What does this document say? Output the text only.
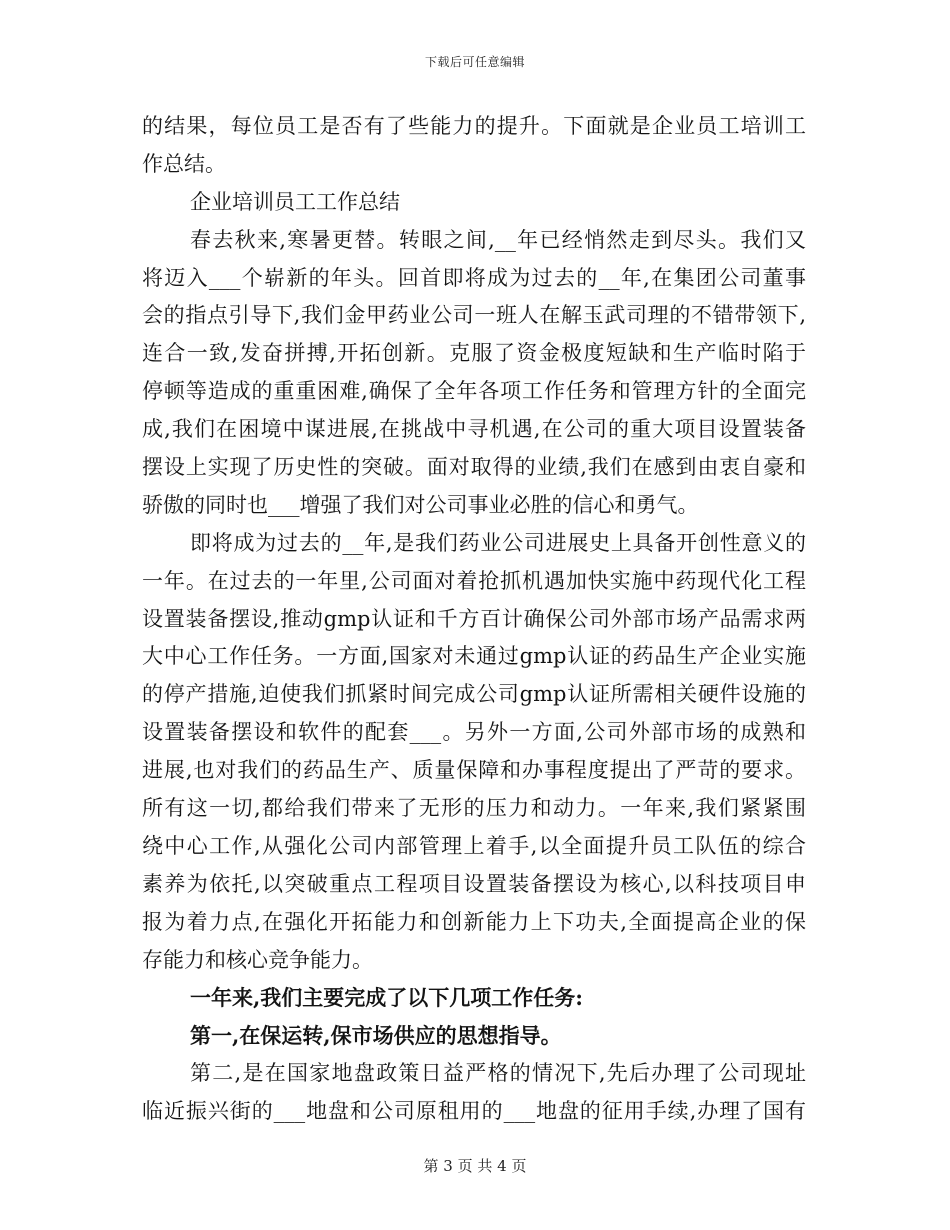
下载后可任意编辑
的结果，每位员工是否有了些能力的提升。下面就是企业员工培训工
作总结。
企业培训员工工作总结
春去秋来,寒暑更替。转眼之间,__年已经悄然走到尽头。我们又
将迈入___个崭新的年头。回首即将成为过去的__年,在集团公司董事
会的指点引导下,我们金甲药业公司一班人在解玉武司理的不错带领下,
连合一致,发奋拼搏,开拓创新。克服了资金极度短缺和生产临时陷于
停顿等造成的重重困难,确保了全年各项工作任务和管理方针的全面完
成,我们在困境中谋进展,在挑战中寻机遇,在公司的重大项目设置装备
摆设上实现了历史性的突破。面对取得的业绩,我们在感到由衷自豪和
骄傲的同时也___增强了我们对公司事业必胜的信心和勇气。
即将成为过去的__年,是我们药业公司进展史上具备开创性意义的
一年。在过去的一年里,公司面对着抢抓机遇加快实施中药现代化工程
设置装备摆设,推动gmp认证和千方百计确保公司外部市场产品需求两
大中心工作任务。一方面,国家对未通过gmp认证的药品生产企业实施
的停产措施,迫使我们抓紧时间完成公司gmp认证所需相关硬件设施的
设置装备摆设和软件的配套___。另外一方面,公司外部市场的成熟和
进展,也对我们的药品生产、质量保障和办事程度提出了严苛的要求。
所有这一切,都给我们带来了无形的压力和动力。一年来,我们紧紧围
绕中心工作,从强化公司内部管理上着手,以全面提升员工队伍的综合
素养为依托,以突破重点工程项目设置装备摆设为核心,以科技项目申
报为着力点,在强化开拓能力和创新能力上下功夫,全面提高企业的保
存能力和核心竞争能力。
一年来,我们主要完成了以下几项工作任务:
第一,在保运转,保市场供应的思想指导。
第二,是在国家地盘政策日益严格的情况下,先后办理了公司现址
临近振兴街的___地盘和公司原租用的___地盘的征用手续,办理了国有
第 3 页 共 4 页
